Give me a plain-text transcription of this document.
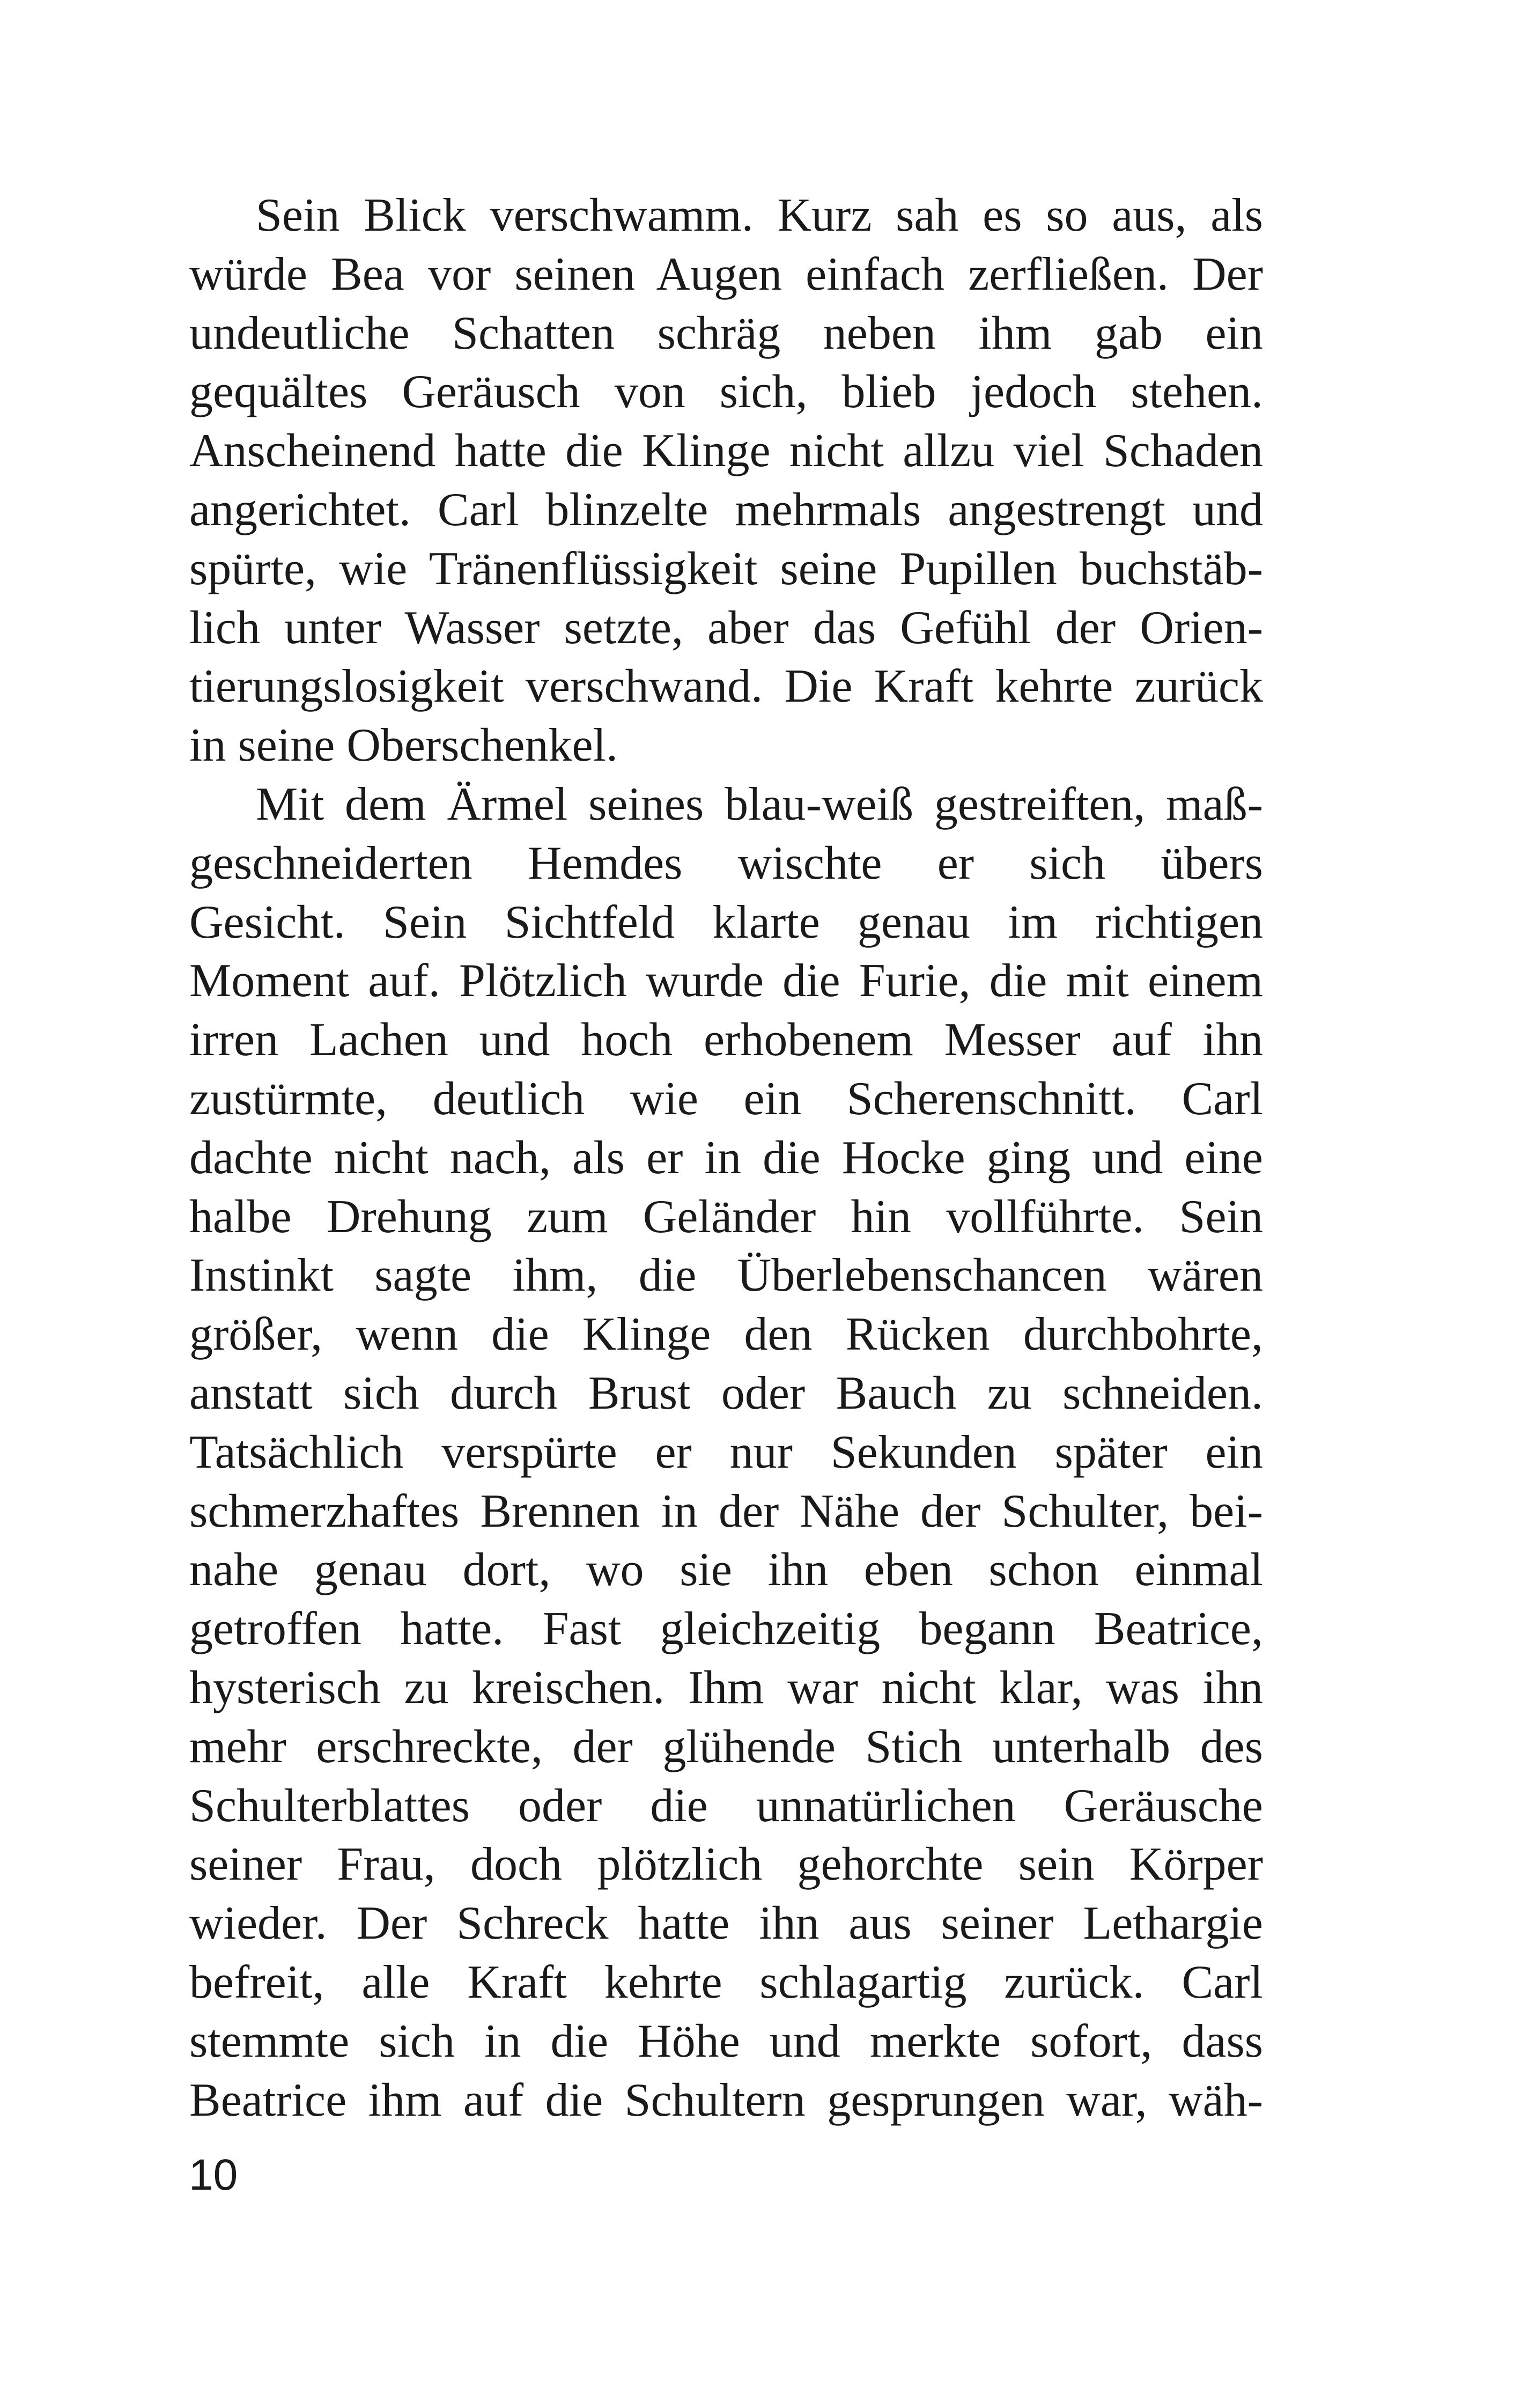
Sein Blick verschwamm. Kurz sah es so aus, als
würde Bea vor seinen Augen einfach zerfließen. Der
undeutliche Schatten schräg neben ihm gab ein
gequältes Geräusch von sich, blieb jedoch stehen.
Anscheinend hatte die Klinge nicht allzu viel Schaden
angerichtet. Carl blinzelte mehrmals angestrengt und
spürte, wie Tränenflüssigkeit seine Pupillen buchstäb-
lich unter Wasser setzte, aber das Gefühl der Orien-
tierungslosigkeit verschwand. Die Kraft kehrte zurück
in seine Oberschenkel.
Mit dem Ärmel seines blau-weiß gestreiften, maß-
geschneiderten Hemdes wischte er sich übers
Gesicht. Sein Sichtfeld klarte genau im richtigen
Moment auf. Plötzlich wurde die Furie, die mit einem
irren Lachen und hoch erhobenem Messer auf ihn
zustürmte, deutlich wie ein Scherenschnitt. Carl
dachte nicht nach, als er in die Hocke ging und eine
halbe Drehung zum Geländer hin vollführte. Sein
Instinkt sagte ihm, die Überlebenschancen wären
größer, wenn die Klinge den Rücken durchbohrte,
anstatt sich durch Brust oder Bauch zu schneiden.
Tatsächlich verspürte er nur Sekunden später ein
schmerzhaftes Brennen in der Nähe der Schulter, bei-
nahe genau dort, wo sie ihn eben schon einmal
getroffen hatte. Fast gleichzeitig begann Beatrice,
hysterisch zu kreischen. Ihm war nicht klar, was ihn
mehr erschreckte, der glühende Stich unterhalb des
Schulterblattes oder die unnatürlichen Geräusche
seiner Frau, doch plötzlich gehorchte sein Körper
wieder. Der Schreck hatte ihn aus seiner Lethargie
befreit, alle Kraft kehrte schlagartig zurück. Carl
stemmte sich in die Höhe und merkte sofort, dass
Beatrice ihm auf die Schultern gesprungen war, wäh-
10
